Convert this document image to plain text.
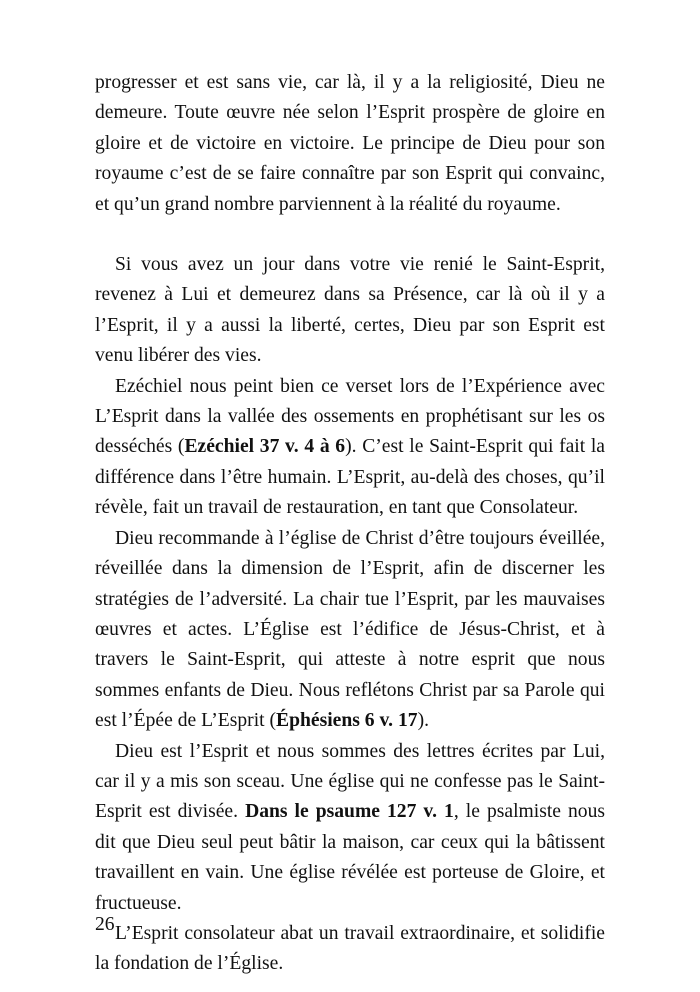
progresser et est sans vie, car là, il y a la religiosité, Dieu ne demeure. Toute œuvre née selon l’Esprit prospère de gloire en gloire et de victoire en victoire. Le principe de Dieu pour son royaume c’est de se faire connaître par son Esprit qui convainc, et qu’un grand nombre parviennent à la réalité du royaume.

Si vous avez un jour dans votre vie renié le Saint-Esprit, revenez à Lui et demeurez dans sa Présence, car là où il y a l’Esprit, il y a aussi la liberté, certes, Dieu par son Esprit est venu libérer des vies.

Ezéchiel nous peint bien ce verset lors de l’Expérience avec L’Esprit dans la vallée des ossements en prophétisant sur les os desséchés (Ezéchiel 37 v. 4 à 6). C’est le Saint-Esprit qui fait la différence dans l’être humain. L’Esprit, au-delà des choses, qu’il révèle, fait un travail de restauration, en tant que Consolateur.

Dieu recommande à l’église de Christ d’être toujours éveillée, réveillée dans la dimension de l’Esprit, afin de discerner les stratégies de l’adversité. La chair tue l’Esprit, par les mauvaises œuvres et actes. L’Église est l’édifice de Jésus-Christ, et à travers le Saint-Esprit, qui atteste à notre esprit que nous sommes enfants de Dieu. Nous reflétons Christ par sa Parole qui est l’Épée de L’Esprit (Éphésiens 6 v. 17).

Dieu est l’Esprit et nous sommes des lettres écrites par Lui, car il y a mis son sceau. Une église qui ne confesse pas le Saint-Esprit est divisée. Dans le psaume 127 v. 1, le psalmiste nous dit que Dieu seul peut bâtir la maison, car ceux qui la bâtissent travaillent en vain. Une église révélée est porteuse de Gloire, et fructueuse.

L’Esprit consolateur abat un travail extraordinaire, et solidifie la fondation de l’Église.

26
